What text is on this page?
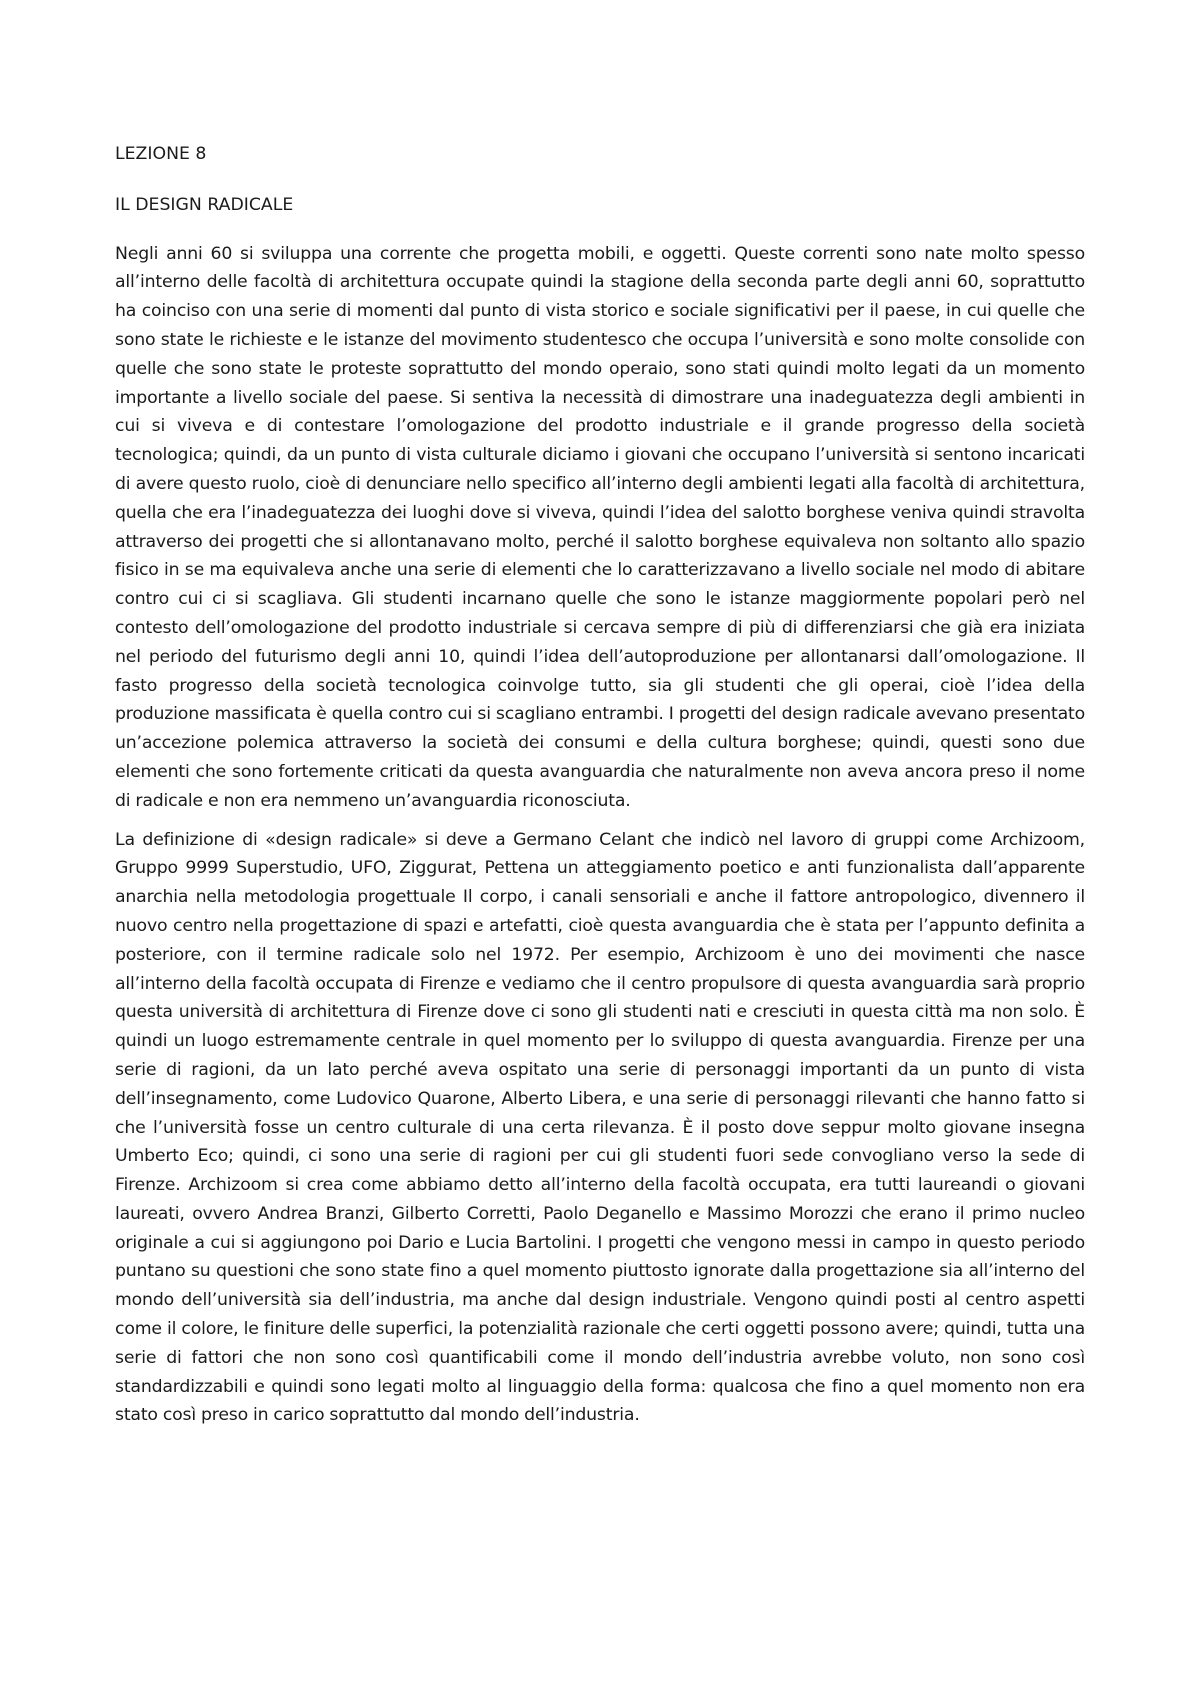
LEZIONE 8

IL DESIGN RADICALE

Negli anni 60 si sviluppa una corrente che progetta mobili, e oggetti. Queste correnti sono nate molto spesso all’interno delle facoltà di architettura occupate quindi la stagione della seconda parte degli anni 60, soprattutto ha coinciso con una serie di momenti dal punto di vista storico e sociale significativi per il paese, in cui quelle che sono state le richieste e le istanze del movimento studentesco che occupa l’università e sono molte consolide con quelle che sono state le proteste soprattutto del mondo operaio, sono stati quindi molto legati da un momento importante a livello sociale del paese. Si sentiva la necessità di dimostrare una inadeguatezza degli ambienti in cui si viveva e di contestare l’omologazione del prodotto industriale e il grande progresso della società tecnologica; quindi, da un punto di vista culturale diciamo i giovani che occupano l’università si sentono incaricati di avere questo ruolo, cioè di denunciare nello specifico all’interno degli ambienti legati alla facoltà di architettura, quella che era l’inadeguatezza dei luoghi dove si viveva, quindi l’idea del salotto borghese veniva quindi stravolta attraverso dei progetti che si allontanavano molto, perché il salotto borghese equivaleva non soltanto allo spazio fisico in se ma equivaleva anche una serie di elementi che lo caratterizzavano a livello sociale nel modo di abitare contro cui ci si scagliava. Gli studenti incarnano quelle che sono le istanze maggiormente popolari però nel contesto dell’omologazione del prodotto industriale si cercava sempre di più di differenziarsi che già era iniziata nel periodo del futurismo degli anni 10, quindi l’idea dell’autoproduzione per allontanarsi dall’omologazione. Il fasto progresso della società tecnologica coinvolge tutto, sia gli studenti che gli operai, cioè l’idea della produzione massificata è quella contro cui si scagliano entrambi. I progetti del design radicale avevano presentato un’accezione polemica attraverso la società dei consumi e della cultura borghese; quindi, questi sono due elementi che sono fortemente criticati da questa avanguardia che naturalmente non aveva ancora preso il nome di radicale e non era nemmeno un’avanguardia riconosciuta.

La definizione di «design radicale» si deve a Germano Celant che indicò nel lavoro di gruppi come Archizoom, Gruppo 9999 Superstudio, UFO, Ziggurat, Pettena un atteggiamento poetico e anti funzionalista dall’apparente anarchia nella metodologia progettuale Il corpo, i canali sensoriali e anche il fattore antropologico, divennero il nuovo centro nella progettazione di spazi e artefatti, cioè questa avanguardia che è stata per l’appunto definita a posteriore, con il termine radicale solo nel 1972. Per esempio, Archizoom è uno dei movimenti che nasce all’interno della facoltà occupata di Firenze e vediamo che il centro propulsore di questa avanguardia sarà proprio questa università di architettura di Firenze dove ci sono gli studenti nati e cresciuti in questa città ma non solo. È quindi un luogo estremamente centrale in quel momento per lo sviluppo di questa avanguardia. Firenze per una serie di ragioni, da un lato perché aveva ospitato una serie di personaggi importanti da un punto di vista dell’insegnamento, come Ludovico Quarone, Alberto Libera, e una serie di personaggi rilevanti che hanno fatto si che l’università fosse un centro culturale di una certa rilevanza. È il posto dove seppur molto giovane insegna Umberto Eco; quindi, ci sono una serie di ragioni per cui gli studenti fuori sede convogliano verso la sede di Firenze. Archizoom si crea come abbiamo detto all’interno della facoltà occupata, era tutti laureandi o giovani laureati, ovvero Andrea Branzi, Gilberto Corretti, Paolo Deganello e Massimo Morozzi che erano il primo nucleo originale a cui si aggiungono poi Dario e Lucia Bartolini. I progetti che vengono messi in campo in questo periodo puntano su questioni che sono state fino a quel momento piuttosto ignorate dalla progettazione sia all’interno del mondo dell’università sia dell’industria, ma anche dal design industriale. Vengono quindi posti al centro aspetti come il colore, le finiture delle superfici, la potenzialità razionale che certi oggetti possono avere; quindi, tutta una serie di fattori che non sono così quantificabili come il mondo dell’industria avrebbe voluto, non sono così standardizzabili e quindi sono legati molto al linguaggio della forma: qualcosa che fino a quel momento non era stato così preso in carico soprattutto dal mondo dell’industria.
